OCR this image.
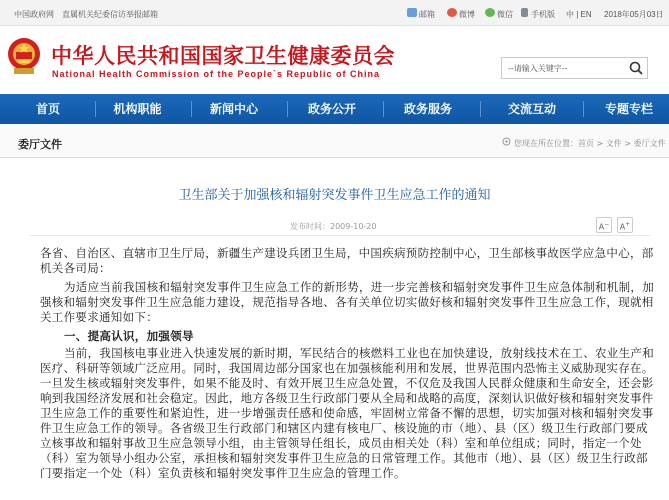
中国政府网 直属机关纪委信访举报邮箱	邮箱	微博	微信 手机版 中 | EN 2018年05月03日
中华人民共和国国家卫生健康委员会
National Health Commission of the People`s Republic of China
--请输入关键字--
首页	机构职能	新闻中心	政务公开	政务服务	交流互动	专题专栏
委厅文件	您现在所在位置：首页 > 文件 > 委厅文件
卫生部关于加强核和辐射突发事件卫生应急工作的通知
发布时间：2009-10-20	A−	A+
各省、自治区、直辖市卫生厅局，新疆生产建设兵团卫生局，中国疾病预防控制中心，卫生部核事故医学应急中心，部机关各司局：
为适应当前我国核和辐射突发事件卫生应急工作的新形势，进一步完善核和辐射突发事件卫生应急体制和机制，加强核和辐射突发事件卫生应急能力建设，规范指导各地、各有关单位切实做好核和辐射突发事件卫生应急工作，现就相关工作要求通知如下：
一、提高认识，加强领导
当前，我国核电事业进入快速发展的新时期，军民结合的核燃料工业也在加快建设，放射线技术在工、农业生产和医疗、科研等领域广泛应用。同时，我国周边部分国家也在加强核能利用和发展，世界范围内恐怖主义威胁现实存在。一旦发生核或辐射突发事件，如果不能及时、有效开展卫生应急处置，不仅危及我国人民群众健康和生命安全，还会影响到我国经济发展和社会稳定。因此，地方各级卫生行政部门要从全局和战略的高度，深刻认识做好核和辐射突发事件卫生应急工作的重要性和紧迫性，进一步增强责任感和使命感，牢固树立常备不懈的思想，切实加强对核和辐射突发事件卫生应急工作的领导。各省级卫生行政部门和辖区内建有核电厂、核设施的市（地）、县（区）级卫生行政部门要成立核事故和辐射事故卫生应急领导小组，由主管领导任组长，成员由相关处（科）室和单位组成；同时，指定一个处（科）室为领导小组办公室，承担核和辐射突发事件卫生应急的日常管理工作。其他市（地）、县（区）级卫生行政部门要指定一个处（科）室负责核和辐射突发事件卫生应急的管理工作。
